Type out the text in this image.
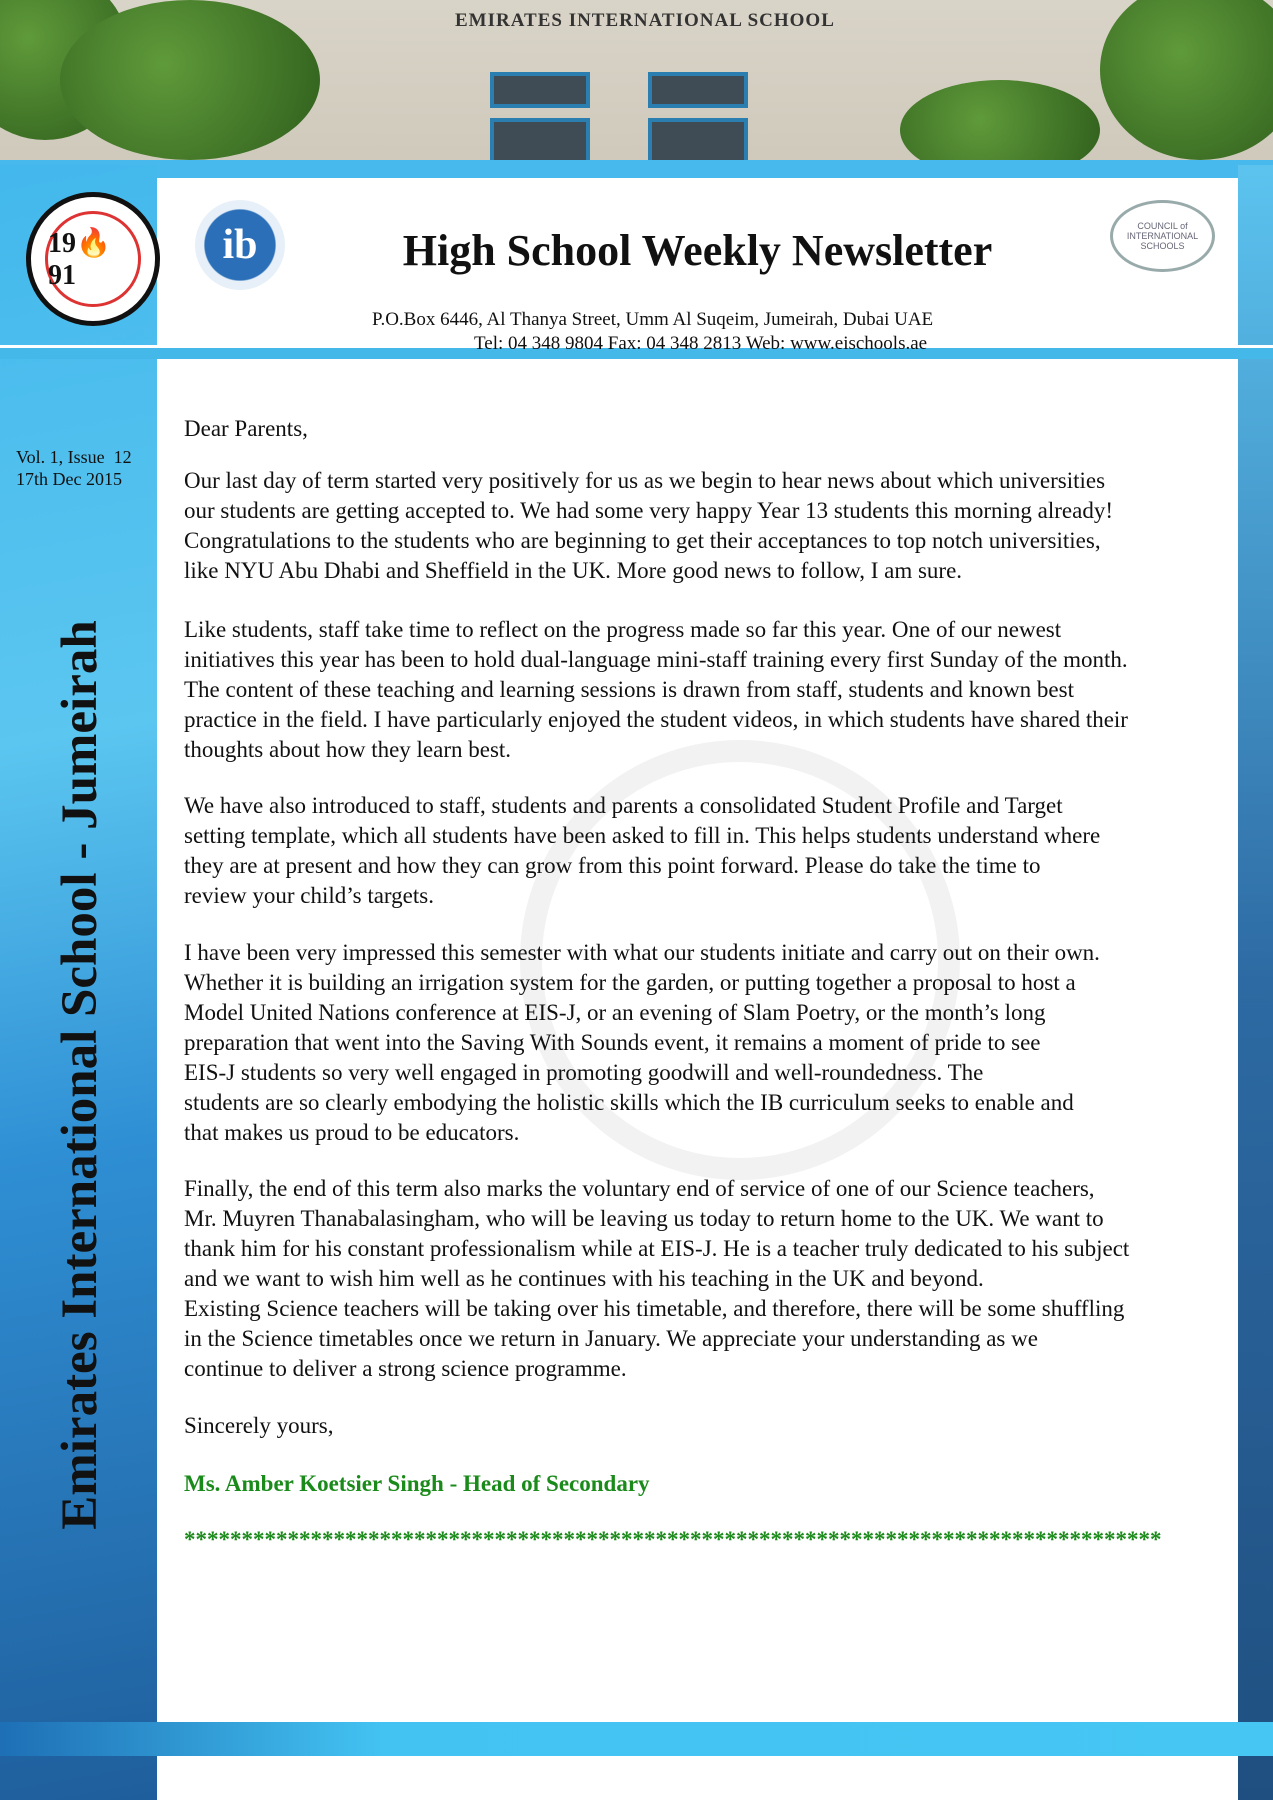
EMIRATES INTERNATIONAL SCHOOL
19🔥91
ib	COUNCIL of
INTERNATIONAL
SCHOOLS
High School Weekly Newsletter
P.O.Box 6446, Al Thanya Street, Umm Al Suqeim, Jumeirah, Dubai UAE
Tel: 04 348 9804 Fax: 04 348 2813 Web: www.eischools.ae
Vol. 1, Issue  12
17th Dec 2015
Emirates International School - Jumeirah
Dear Parents,
Our last day of term started very positively for us as we begin to hear news about which universities
our students are getting accepted to. We had some very happy Year 13 students this morning already!
Congratulations to the students who are beginning to get their acceptances to top notch universities,
like NYU Abu Dhabi and Sheffield in the UK. More good news to follow, I am sure.
Like students, staff take time to reflect on the progress made so far this year. One of our newest
initiatives this year has been to hold dual-language mini-staff training every first Sunday of the month.
The content of these teaching and learning sessions is drawn from staff, students and known best
practice in the field. I have particularly enjoyed the student videos, in which students have shared their
thoughts about how they learn best.
We have also introduced to staff, students and parents a consolidated Student Profile and Target
setting template, which all students have been asked to fill in. This helps students understand where
they are at present and how they can grow from this point forward. Please do take the time to
review your child’s targets.
I have been very impressed this semester with what our students initiate and carry out on their own.
Whether it is building an irrigation system for the garden, or putting together a proposal to host a
Model United Nations conference at EIS-J, or an evening of Slam Poetry, or the month’s long
preparation that went into the Saving With Sounds event, it remains a moment of pride to see
EIS-J students so very well engaged in promoting goodwill and well-roundedness. The
students are so clearly embodying the holistic skills which the IB curriculum seeks to enable and
that makes us proud to be educators.
Finally, the end of this term also marks the voluntary end of service of one of our Science teachers,
Mr. Muyren Thanabalasingham, who will be leaving us today to return home to the UK. We want to
thank him for his constant professionalism while at EIS-J. He is a teacher truly dedicated to his subject
and we want to wish him well as he continues with his teaching in the UK and beyond.
Existing Science teachers will be taking over his timetable, and therefore, there will be some shuffling
in the Science timetables once we return in January. We appreciate your understanding as we
continue to deliver a strong science programme.
Sincerely yours,
Ms. Amber Koetsier Singh - Head of Secondary
*************************************************************************************
